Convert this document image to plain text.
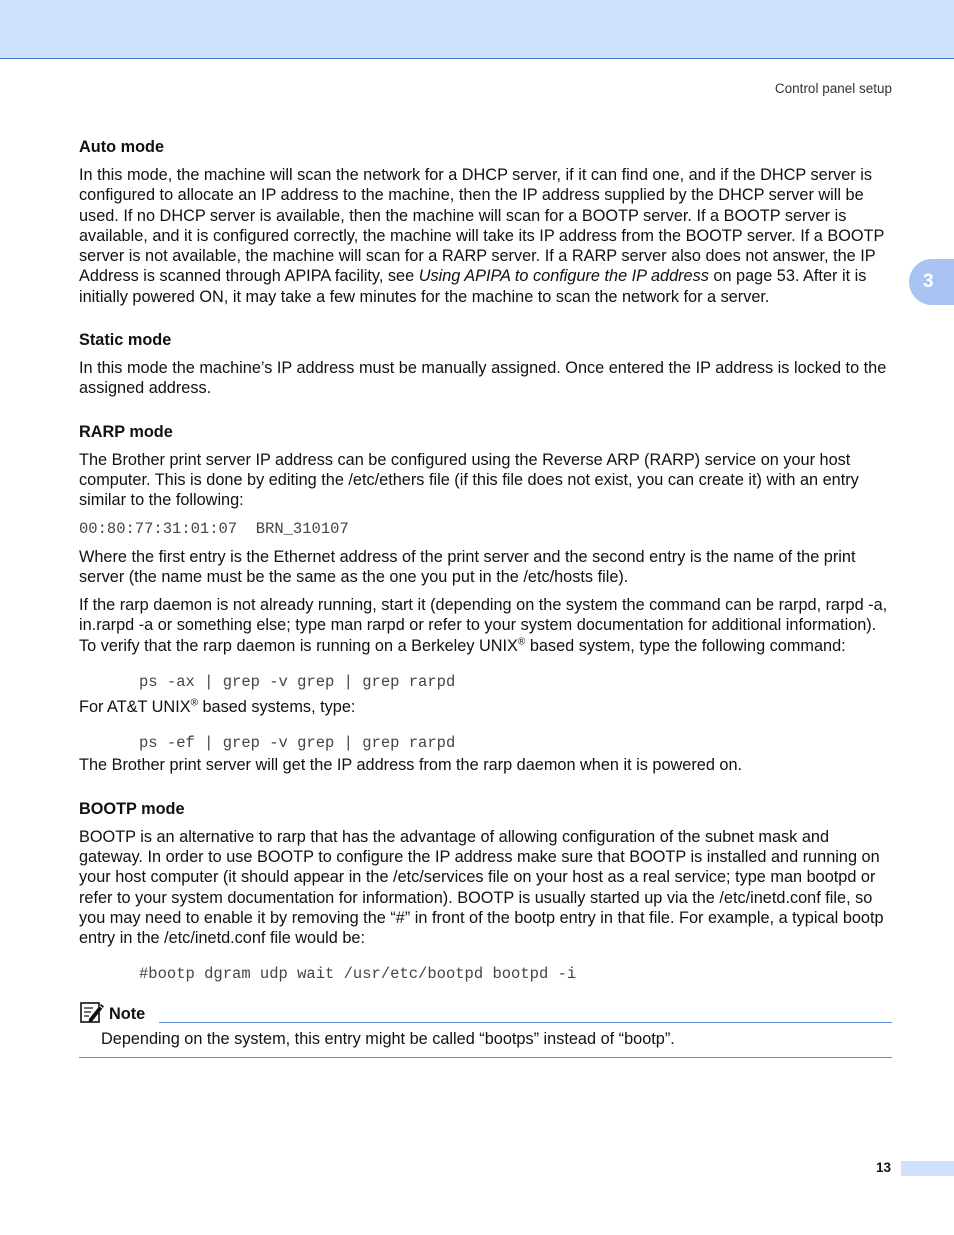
Control panel setup
3
Auto mode

In this mode, the machine will scan the network for a DHCP server, if it can find one, and if the DHCP server is configured to allocate an IP address to the machine, then the IP address supplied by the DHCP server will be used. If no DHCP server is available, then the machine will scan for a BOOTP server. If a BOOTP server is available, and it is configured correctly, the machine will take its IP address from the BOOTP server. If a BOOTP server is not available, the machine will scan for a RARP server. If a RARP server also does not answer, the IP Address is scanned through APIPA facility, see Using APIPA to configure the IP address on page 53. After it is initially powered ON, it may take a few minutes for the machine to scan the network for a server.

Static mode

In this mode the machine’s IP address must be manually assigned. Once entered the IP address is locked to the assigned address.

RARP mode

The Brother print server IP address can be configured using the Reverse ARP (RARP) service on your host computer. This is done by editing the /etc/ethers file (if this file does not exist, you can create it) with an entry similar to the following:

00:80:77:31:01:07  BRN_310107

Where the first entry is the Ethernet address of the print server and the second entry is the name of the print server (the name must be the same as the one you put in the /etc/hosts file).

If the rarp daemon is not already running, start it (depending on the system the command can be rarpd, rarpd -a, in.rarpd -a or something else; type man rarpd or refer to your system documentation for additional information). To verify that the rarp daemon is running on a Berkeley UNIX® based system, type the following command:

ps -ax | grep -v grep | grep rarpd

For AT&T UNIX® based systems, type:

ps -ef | grep -v grep | grep rarpd

The Brother print server will get the IP address from the rarp daemon when it is powered on.

BOOTP mode

BOOTP is an alternative to rarp that has the advantage of allowing configuration of the subnet mask and gateway. In order to use BOOTP to configure the IP address make sure that BOOTP is installed and running on your host computer (it should appear in the /etc/services file on your host as a real service; type man bootpd or refer to your system documentation for information). BOOTP is usually started up via the /etc/inetd.conf file, so you may need to enable it by removing the “#” in front of the bootp entry in that file. For example, a typical bootp entry in the /etc/inetd.conf file would be:

#bootp dgram udp wait /usr/etc/bootpd bootpd -i
Note

Depending on the system, this entry might be called “bootps” instead of “bootp”.

13
